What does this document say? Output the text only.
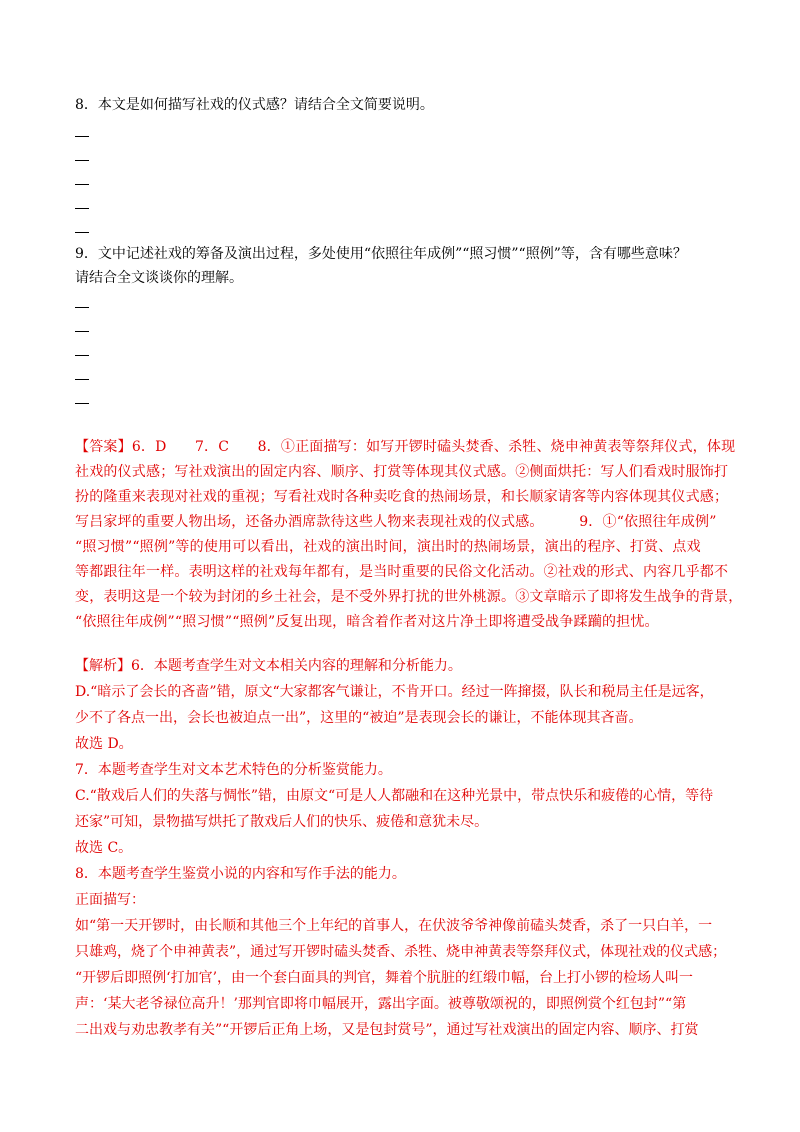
8．本文是如何描写社戏的仪式感？请结合全文简要说明。
9．文中记述社戏的筹备及演出过程，多处使用“依照往年成例”“照习惯”“照例”等，含有哪些意味？
请结合全文谈谈你的理解。
【答案】6．D　　7．C　　8．①正面描写：如写开锣时磕头焚香、杀牲、烧申神黄表等祭拜仪式，体现
社戏的仪式感；写社戏演出的固定内容、顺序、打赏等体现其仪式感。②侧面烘托：写人们看戏时服饰打
扮的隆重来表现对社戏的重视；写看社戏时各种卖吃食的热闹场景，和长顺家请客等内容体现其仪式感；
写吕家坪的重要人物出场，还备办酒席款待这些人物来表现社戏的仪式感。　　　9．①“依照往年成例”
“照习惯”“照例”等的使用可以看出，社戏的演出时间，演出时的热闹场景，演出的程序、打赏、点戏
等都跟往年一样。表明这样的社戏每年都有，是当时重要的民俗文化活动。②社戏的形式、内容几乎都不
变，表明这是一个较为封闭的乡土社会，是不受外界打扰的世外桃源。③文章暗示了即将发生战争的背景，
“依照往年成例”“照习惯”“照例”反复出现，暗含着作者对这片净土即将遭受战争蹂躏的担忧。
【解析】6．本题考查学生对文本相关内容的理解和分析能力。
D.“暗示了会长的吝啬”错，原文“大家都客气谦让，不肯开口。经过一阵撺掇，队长和税局主任是远客，
少不了各点一出，会长也被迫点一出”，这里的“被迫”是表现会长的谦让，不能体现其吝啬。
故选 D。
7．本题考查学生对文本艺术特色的分析鉴赏能力。
C.“散戏后人们的失落与惆怅”错，由原文“可是人人都融和在这种光景中，带点快乐和疲倦的心情，等待
还家”可知，景物描写烘托了散戏后人们的快乐、疲倦和意犹未尽。
故选 C。
8．本题考查学生鉴赏小说的内容和写作手法的能力。
正面描写：
如“第一天开锣时，由长顺和其他三个上年纪的首事人，在伏波爷爷神像前磕头焚香，杀了一只白羊，一
只雄鸡，烧了个申神黄表”，通过写开锣时磕头焚香、杀牲、烧申神黄表等祭拜仪式，体现社戏的仪式感；
“开锣后即照例‘打加官’，由一个套白面具的判官，舞着个肮脏的红缎巾幅，台上打小锣的检场人叫一
声：‘某大老爷禄位高升！’那判官即将巾幅展开，露出字面。被尊敬颂祝的，即照例赏个红包封”“第
二出戏与劝忠教孝有关”“开锣后正角上场，又是包封赏号”，通过写社戏演出的固定内容、顺序、打赏
